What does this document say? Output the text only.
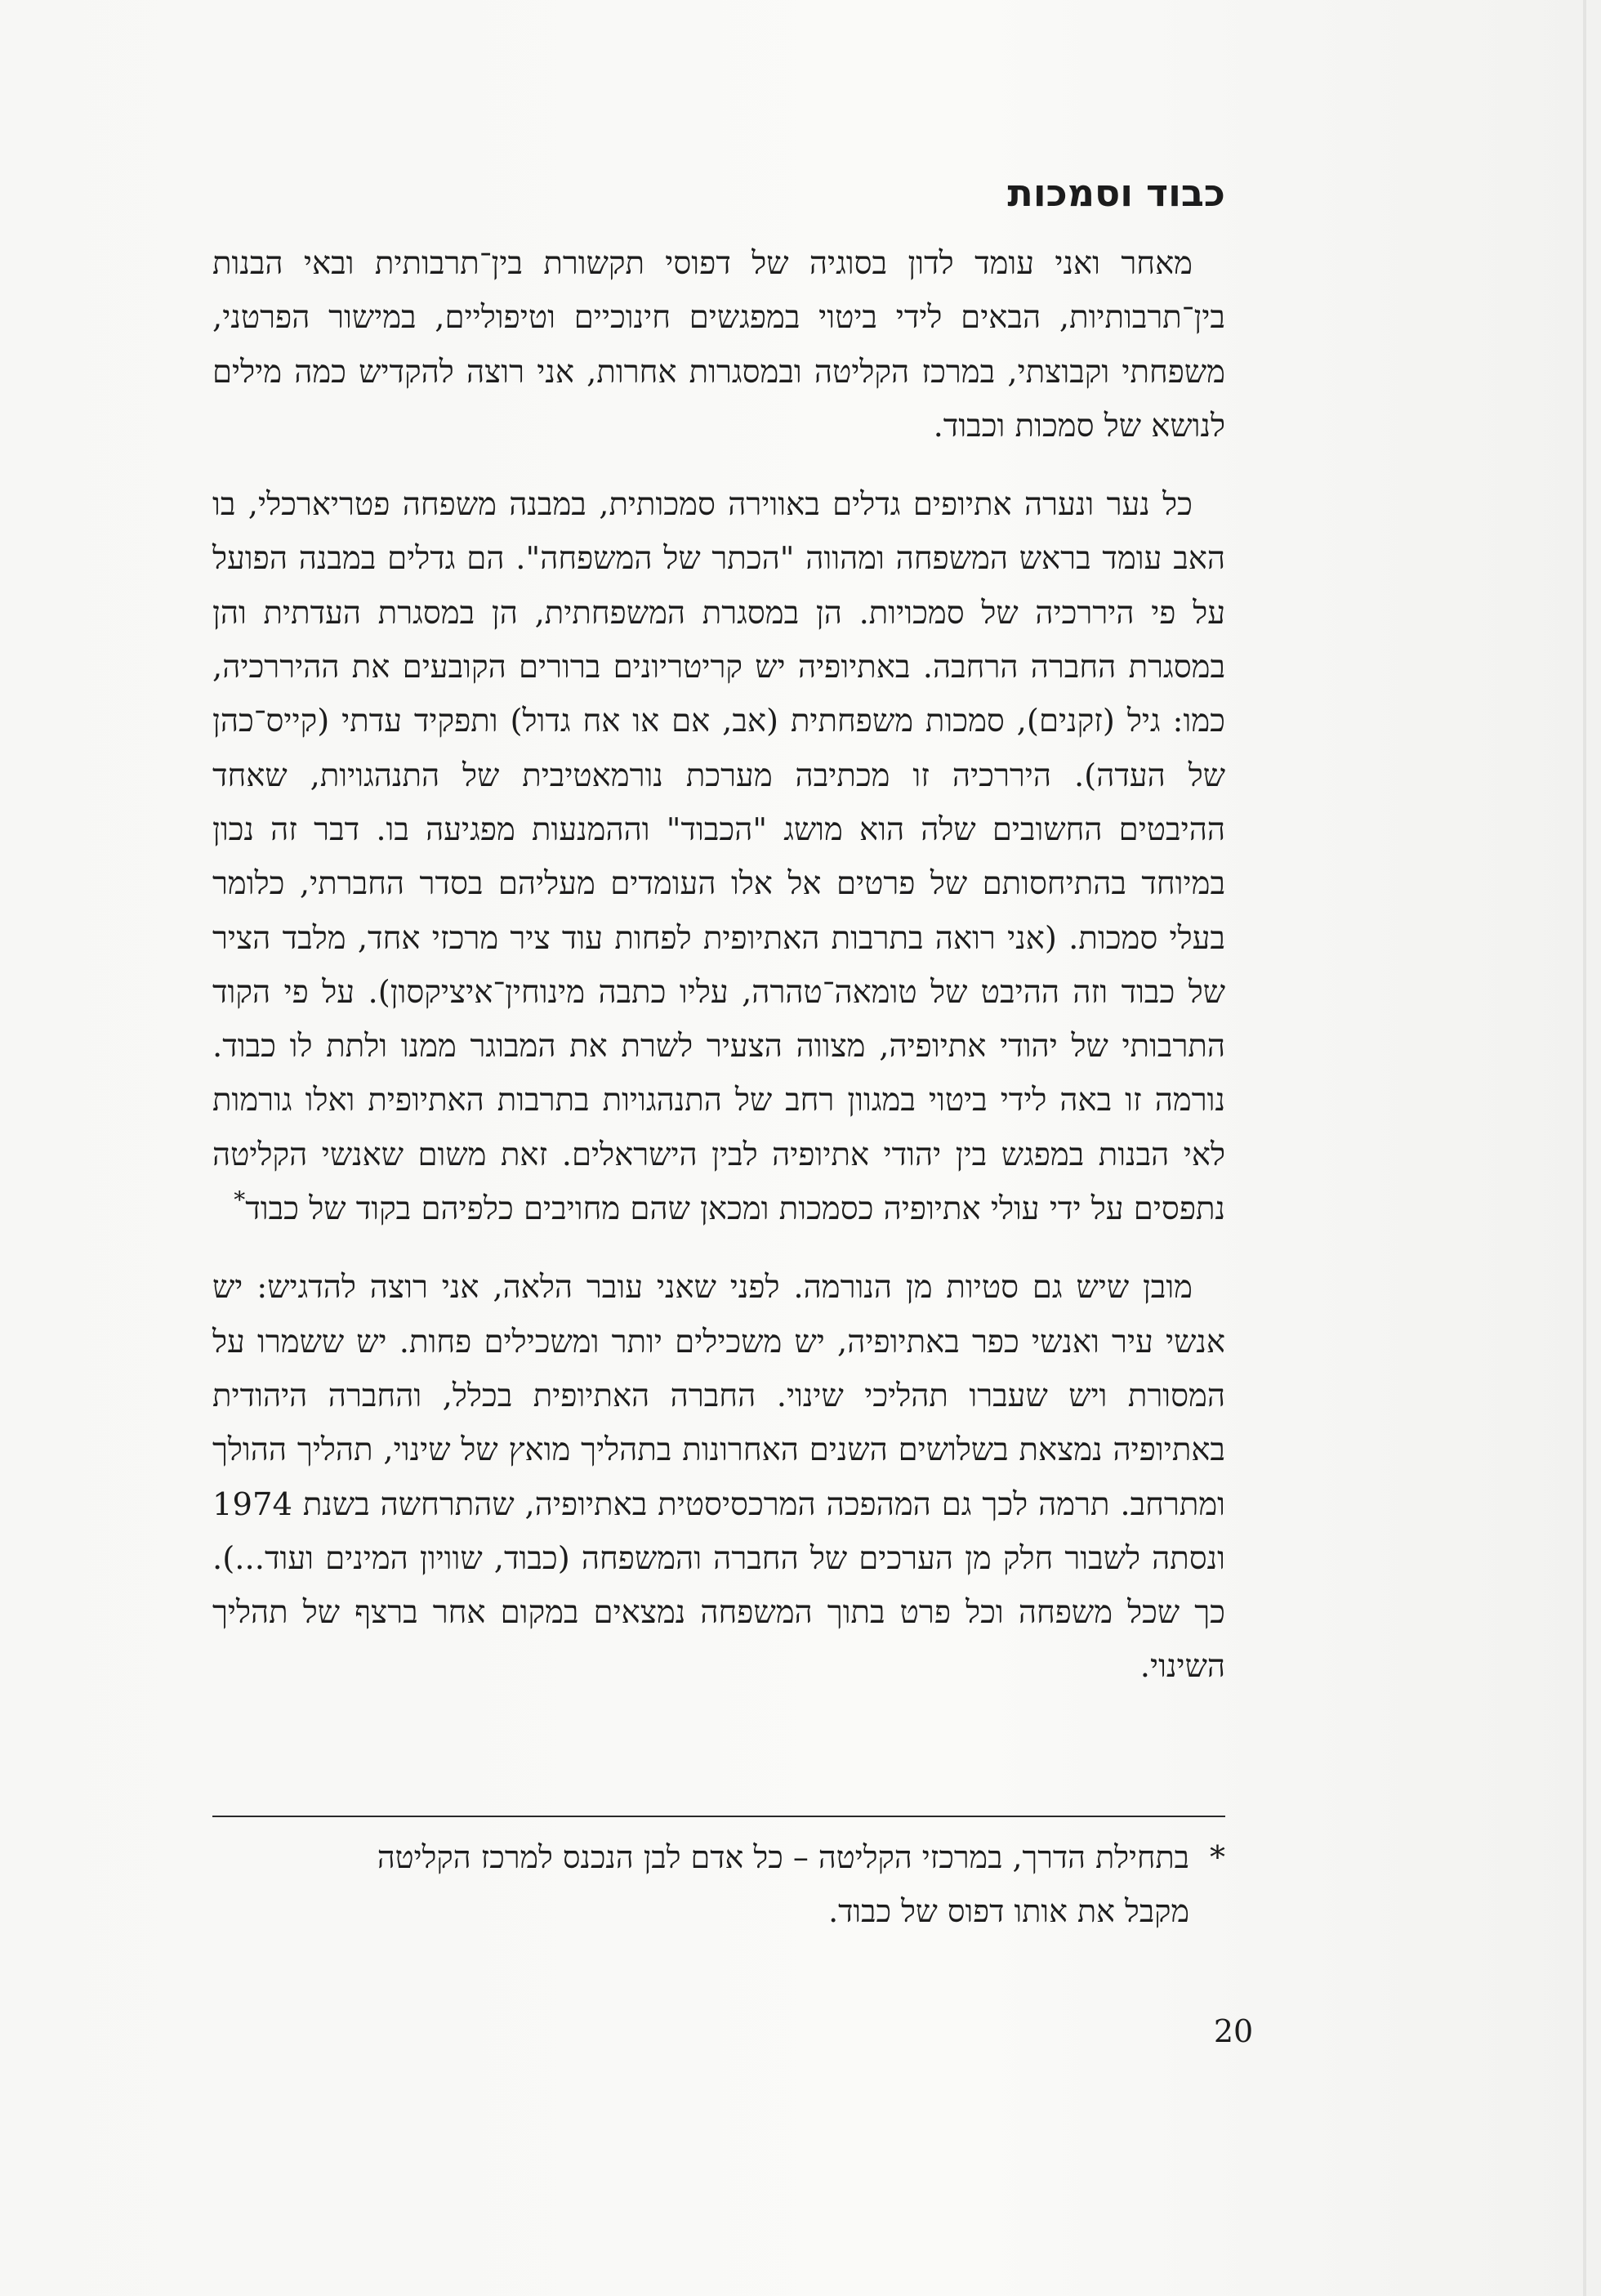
כבוד וסמכות

מאחר ואני עומד לדון בסוגיה של דפוסי תקשורת בין־תרבותית ובאי הבנות בין־תרבותיות, הבאים לידי ביטוי במפגשים חינוכיים וטיפוליים, במישור הפרטני, משפחתי וקבוצתי, במרכז הקליטה ובמסגרות אחרות, אני רוצה להקדיש כמה מילים לנושא של סמכות וכבוד.

כל נער ונערה אתיופים גדלים באווירה סמכותית, במבנה משפחה פטריארכלי, בו האב עומד בראש המשפחה ומהווה "הכתר של המשפחה". הם גדלים במבנה הפועל על פי היררכיה של סמכויות. הן במסגרת המשפחתית, הן במסגרת העדתית והן במסגרת החברה הרחבה. באתיופיה יש קריטריונים ברורים הקובעים את ההיררכיה, כמו: גיל (זקנים), סמכות משפחתית (אב, אם או אח גדול) ותפקיד עדתי (קייס־כהן של העדה). היררכיה זו מכתיבה מערכת נורמאטיבית של התנהגויות, שאחד ההיבטים החשובים שלה הוא מושג "הכבוד" וההמנעות מפגיעה בו. דבר זה נכון במיוחד בהתיחסותם של פרטים אל אלו העומדים מעליהם בסדר החברתי, כלומר בעלי סמכות. (אני רואה בתרבות האתיופית לפחות עוד ציר מרכזי אחד, מלבד הציר של כבוד וזה ההיבט של טומאה־טהרה, עליו כתבה מינוחין־איציקסון). על פי הקוד התרבותי של יהודי אתיופיה, מצווה הצעיר לשרת את המבוגר ממנו ולתת לו כבוד. נורמה זו באה לידי ביטוי במגוון רחב של התנהגויות בתרבות האתיופית ואלו גורמות לאי הבנות במפגש בין יהודי אתיופיה לבין הישראלים. זאת משום שאנשי הקליטה נתפסים על ידי עולי אתיופיה כסמכות ומכאן שהם מחויבים כלפיהם בקוד של כבוד*

מובן שיש גם סטיות מן הנורמה. לפני שאני עובר הלאה, אני רוצה להדגיש: יש אנשי עיר ואנשי כפר באתיופיה, יש משכילים יותר ומשכילים פחות. יש ששמרו על המסורת ויש שעברו תהליכי שינוי. החברה האתיופית בכלל, והחברה היהודית באתיופיה נמצאת בשלושים השנים האחרונות בתהליך מואץ של שינוי, תהליך ההולך ומתרחב. תרמה לכך גם המהפכה המרכסיסטית באתיופיה, שהתרחשה בשנת 1974 ונסתה לשבור חלק מן הערכים של החברה והמשפחה (כבוד, שוויון המינים ועוד...). כך שכל משפחה וכל פרט בתוך המשפחה נמצאים במקום אחר ברצף של תהליך השינוי.

*בתחילת הדרך, במרכזי הקליטה – כל אדם לבן הנכנס למרכז הקליטה
מקבל את אותו דפוס של כבוד.

20
